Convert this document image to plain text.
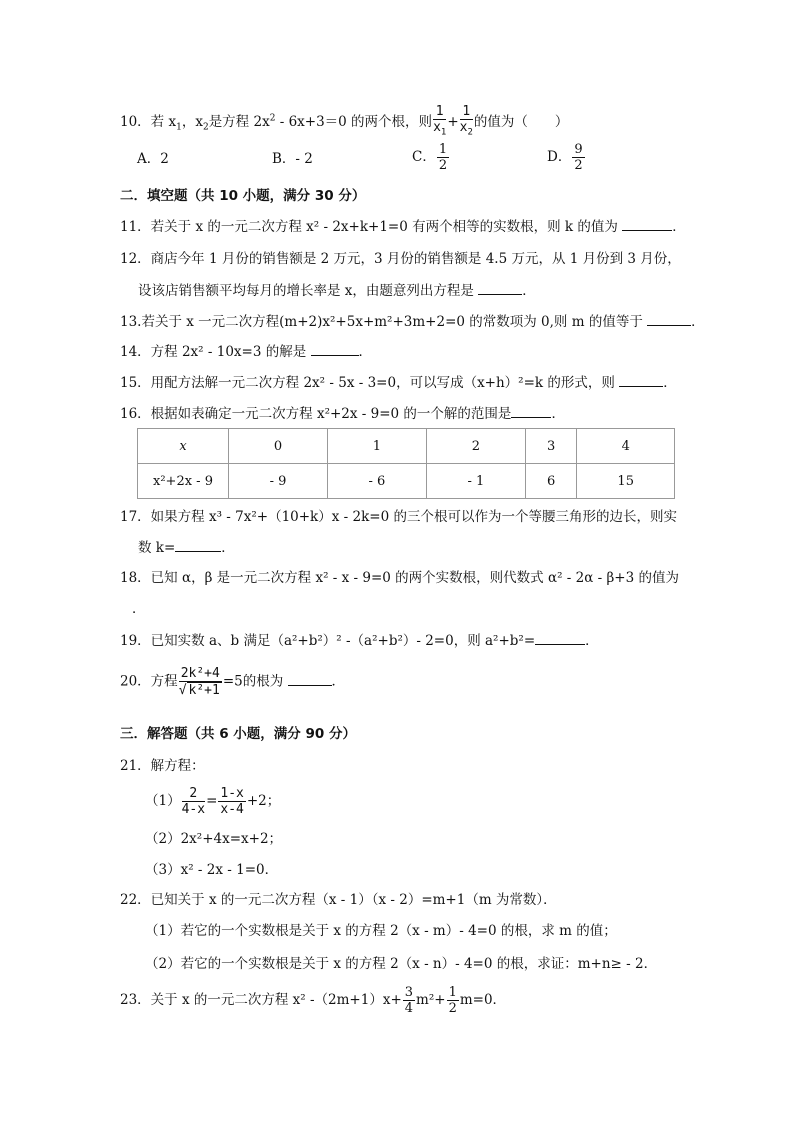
10．若 $x_1$，$x_2$是方程 $2x^2 - 6x+3=0$ 的两个根，则 $\frac{1}{x_1} + \frac{1}{x_2}$ 的值为（　　）
A．2	B．- 2	C． $\frac{1}{2}$	D． $\frac{9}{2}$
二．填空题（共 10 小题，满分 30 分）
11．若关于 x 的一元二次方程 x² - 2x+k+1=0 有两个相等的实数根，则 k 的值为	．
12．商店今年 1 月份的销售额是 2 万元，3 月份的销售额是 4.5 万元，从 1 月份到 3 月份，
设该店销售额平均每月的增长率是 x，由题意列出方程是	．
13.若关于 x 一元二次方程(m+2)x²+5x+m²+3m+2=0 的常数项为 0,则 m 的值等于	．
14．方程 2x² - 10x=3 的解是	．
15．用配方法解一元二次方程 2x² - 5x - 3=0，可以写成（x+h）²=k 的形式，则	．
16．根据如表确定一元二次方程 x²+2x - 9=0 的一个解的范围是	．
x	0	1	2	3	4
x²+2x - 9	- 9	- 6	- 1	6	15
17．如果方程 x³ - 7x²+（10+k）x - 2k=0 的三个根可以作为一个等腰三角形的边长，则实
数 k=	．
18．已知 α，β 是一元二次方程 x² - x - 9=0 的两个实数根，则代数式 α² - 2α - β+3 的值为
．
19．已知实数 a、b 满足（a²+b²）² -（a²+b²）- 2=0，则 a²+b²=	．
20．方程 $\frac{\text{2k²+4}}{\text{√ k²+1}} =5$的根为	．
三．解答题（共 6 小题，满分 90 分）
21．解方程：
$(1) \frac{2}{4-x} = \frac{1-x}{x-4} +2$；
（2）2x²+4x=x+2；
（3）x² - 2x - 1=0．
22．已知关于 x 的一元二次方程（x - 1）（x - 2）=m+1（m 为常数）．
（1）若它的一个实数根是关于 x 的方程 2（x - m）- 4=0 的根，求 m 的值；
（2）若它的一个实数根是关于 x 的方程 2（x - n）- 4=0 的根，求证：m+n≥ - 2．
23．关于 x 的一元二次方程 x² $-(2m+1)x+ \frac{3}{4} m^2+ \frac{1}{2} m=0$．
